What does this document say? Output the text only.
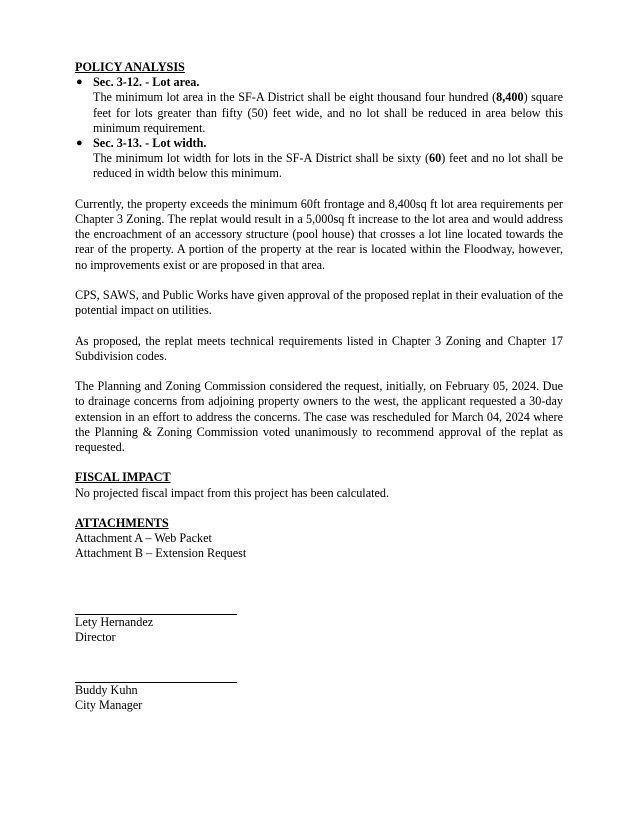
POLICY ANALYSIS
● Sec. 3-12. - Lot area.
The minimum lot area in the SF-A District shall be eight thousand four hundred (8,400) square feet for lots greater than fifty (50) feet wide, and no lot shall be reduced in area below this minimum requirement.
● Sec. 3-13. - Lot width.
The minimum lot width for lots in the SF-A District shall be sixty (60) feet and no lot shall be reduced in width below this minimum.

Currently, the property exceeds the minimum 60ft frontage and 8,400sq ft lot area requirements per Chapter 3 Zoning. The replat would result in a 5,000sq ft increase to the lot area and would address the encroachment of an accessory structure (pool house) that crosses a lot line located towards the rear of the property. A portion of the property at the rear is located within the Floodway, however, no improvements exist or are proposed in that area.

CPS, SAWS, and Public Works have given approval of the proposed replat in their evaluation of the potential impact on utilities.

As proposed, the replat meets technical requirements listed in Chapter 3 Zoning and Chapter 17 Subdivision codes.

The Planning and Zoning Commission considered the request, initially, on February 05, 2024. Due to drainage concerns from adjoining property owners to the west, the applicant requested a 30-day extension in an effort to address the concerns. The case was rescheduled for March 04, 2024 where the Planning & Zoning Commission voted unanimously to recommend approval of the replat as requested.

FISCAL IMPACT

No projected fiscal impact from this project has been calculated.

ATTACHMENTS

Attachment A – Web Packet

Attachment B – Extension Request

Lety Hernandez

Director

Buddy Kuhn

City Manager
